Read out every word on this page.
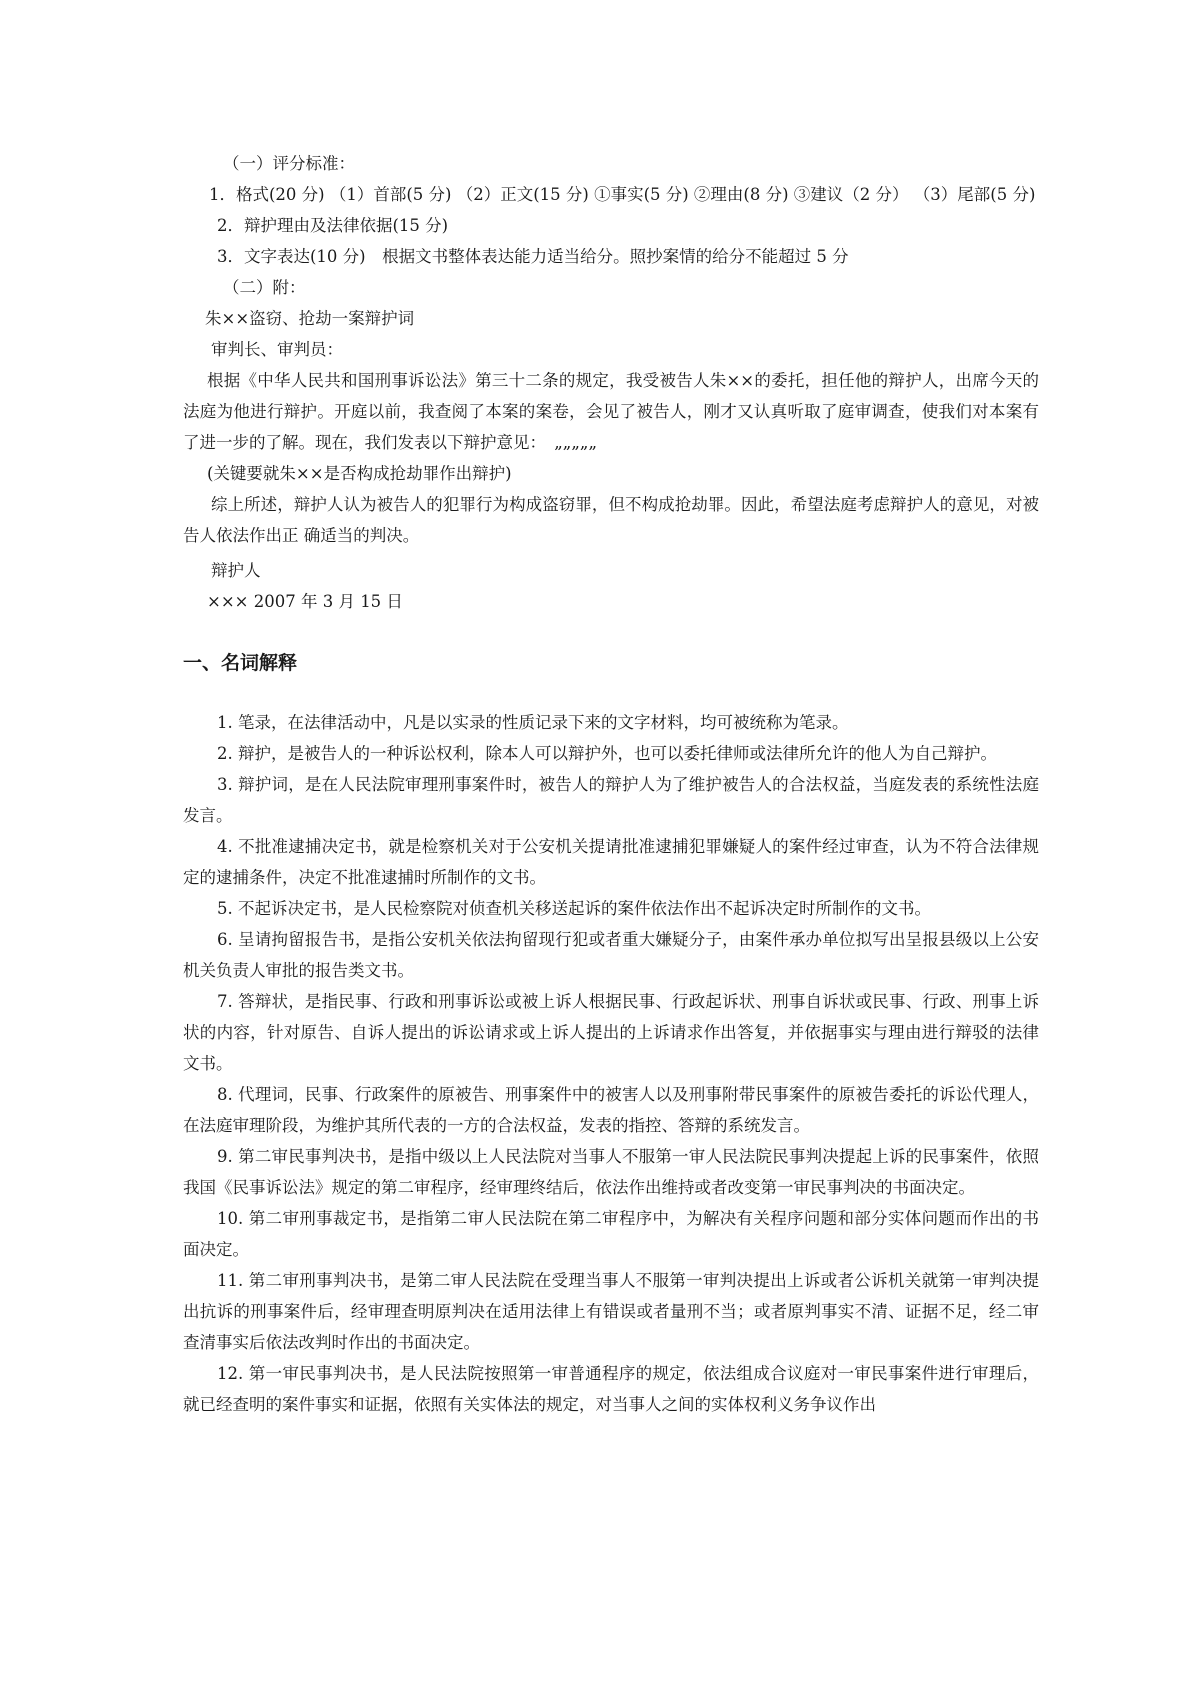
（一）评分标准：

1．格式(20 分) （1）首部(5 分) （2）正文(15 分) ①事实(5 分) ②理由(8 分) ③建议（2 分） （3）尾部(5 分)

2．辩护理由及法律依据(15 分)

3．文字表达(10 分)　根据文书整体表达能力适当给分。照抄案情的给分不能超过 5 分

（二）附：

朱××盗窃、抢劫一案辩护词

审判长、审判员：

根据《中华人民共和国刑事诉讼法》第三十二条的规定，我受被告人朱××的委托，担任他的辩护人，出席今天的法庭为他进行辩护。开庭以前，我查阅了本案的案卷，会见了被告人，刚才又认真听取了庭审调查，使我们对本案有了进一步的了解。现在，我们发表以下辩护意见：　„„„„„

(关键要就朱××是否构成抢劫罪作出辩护)

综上所述，辩护人认为被告人的犯罪行为构成盗窃罪，但不构成抢劫罪。因此，希望法庭考虑辩护人的意见，对被告人依法作出正 确适当的判决。

辩护人

××× 2007 年 3 月 15 日

一、名词解释

1. 笔录，在法律活动中，凡是以实录的性质记录下来的文字材料，均可被统称为笔录。

2. 辩护，是被告人的一种诉讼权利，除本人可以辩护外，也可以委托律师或法律所允许的他人为自己辩护。

3. 辩护词，是在人民法院审理刑事案件时，被告人的辩护人为了维护被告人的合法权益，当庭发表的系统性法庭发言。

4. 不批准逮捕决定书，就是检察机关对于公安机关提请批准逮捕犯罪嫌疑人的案件经过审查，认为不符合法律规定的逮捕条件，决定不批准逮捕时所制作的文书。

5. 不起诉决定书，是人民检察院对侦查机关移送起诉的案件依法作出不起诉决定时所制作的文书。

6. 呈请拘留报告书，是指公安机关依法拘留现行犯或者重大嫌疑分子，由案件承办单位拟写出呈报县级以上公安机关负责人审批的报告类文书。

7. 答辩状，是指民事、行政和刑事诉讼或被上诉人根据民事、行政起诉状、刑事自诉状或民事、行政、刑事上诉状的内容，针对原告、自诉人提出的诉讼请求或上诉人提出的上诉请求作出答复，并依据事实与理由进行辩驳的法律文书。

8. 代理词，民事、行政案件的原被告、刑事案件中的被害人以及刑事附带民事案件的原被告委托的诉讼代理人，在法庭审理阶段，为维护其所代表的一方的合法权益，发表的指控、答辩的系统发言。

9. 第二审民事判决书，是指中级以上人民法院对当事人不服第一审人民法院民事判决提起上诉的民事案件，依照我国《民事诉讼法》规定的第二审程序，经审理终结后，依法作出维持或者改变第一审民事判决的书面决定。

10. 第二审刑事裁定书，是指第二审人民法院在第二审程序中，为解决有关程序问题和部分实体问题而作出的书面决定。

11. 第二审刑事判决书，是第二审人民法院在受理当事人不服第一审判决提出上诉或者公诉机关就第一审判决提出抗诉的刑事案件后，经审理查明原判决在适用法律上有错误或者量刑不当；或者原判事实不清、证据不足，经二审查清事实后依法改判时作出的书面决定。

12. 第一审民事判决书，是人民法院按照第一审普通程序的规定，依法组成合议庭对一审民事案件进行审理后，就已经查明的案件事实和证据，依照有关实体法的规定，对当事人之间的实体权利义务争议作出
